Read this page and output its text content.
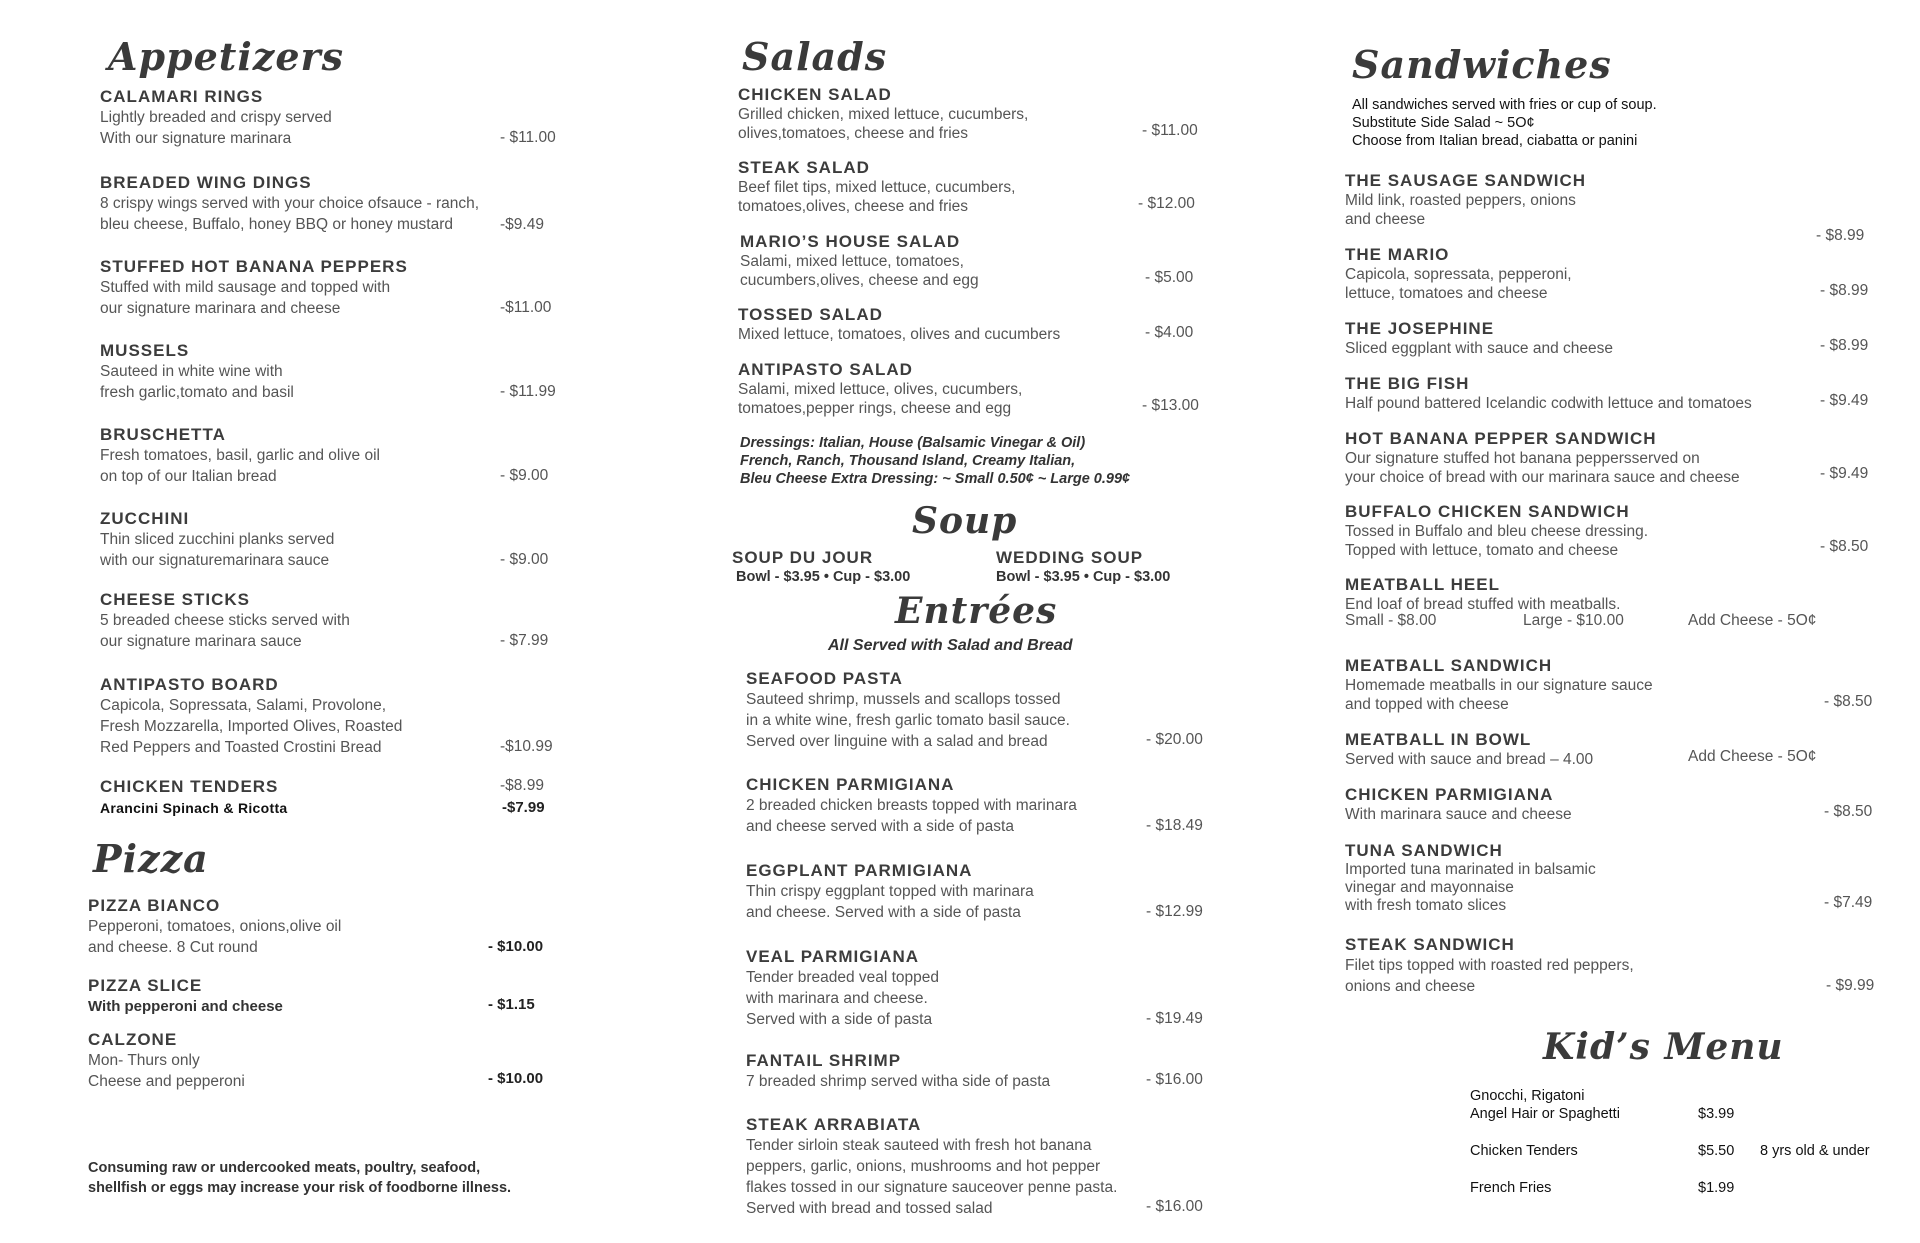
Appetizers
CALAMARI RINGS
Lightly breaded and crispy served
With our signature marinara	- $11.00
BREADED WING DINGS
8 crispy wings served with your choice ofsauce - ranch,
bleu cheese, Buffalo, honey BBQ or honey mustard	-$9.49
STUFFED HOT BANANA PEPPERS
Stuffed with mild sausage and topped with
our signature marinara and cheese	-$11.00
MUSSELS
Sauteed in white wine with
fresh garlic,tomato and basil	- $11.99
BRUSCHETTA
Fresh tomatoes, basil, garlic and olive oil
on top of our Italian bread	- $9.00
ZUCCHINI
Thin sliced zucchini planks served
with our signaturemarinara sauce	- $9.00
CHEESE STICKS
5 breaded cheese sticks served with
our signature marinara sauce	- $7.99
ANTIPASTO BOARD
Capicola, Sopressata, Salami, Provolone,
Fresh Mozzarella, Imported Olives, Roasted
Red Peppers and Toasted Crostini Bread	-$10.99
CHICKEN TENDERS	-$8.99
Arancini Spinach & Ricotta	-$7.99
Pizza
PIZZA BIANCO
Pepperoni, tomatoes, onions,olive oil
and cheese. 8 Cut round	- $10.00
PIZZA SLICE
With pepperoni and cheese	- $1.15
CALZONE
Mon- Thurs only
Cheese and pepperoni	- $10.00
Consuming raw or undercooked meats, poultry, seafood,
shellfish or eggs may increase your risk of foodborne illness.
Salads
CHICKEN SALAD
Grilled chicken, mixed lettuce, cucumbers,
olives,tomatoes, cheese and fries	- $11.00
STEAK SALAD
Beef filet tips, mixed lettuce, cucumbers,
tomatoes,olives, cheese and fries	- $12.00
MARIO’S HOUSE SALAD
Salami, mixed lettuce, tomatoes,
cucumbers,olives, cheese and egg	- $5.00
TOSSED SALAD
Mixed lettuce, tomatoes, olives and cucumbers	- $4.00
ANTIPASTO SALAD
Salami, mixed lettuce, olives, cucumbers,
tomatoes,pepper rings, cheese and egg	- $13.00
Dressings: Italian, House (Balsamic Vinegar & Oil)
French, Ranch, Thousand Island, Creamy Italian,
Bleu Cheese Extra Dressing: ~ Small 0.50¢ ~ Large 0.99¢
Soup
SOUP DU JOUR
Bowl - $3.95 • Cup - $3.00
WEDDING SOUP
Bowl - $3.95 • Cup - $3.00
Entrées
All Served with Salad and Bread
SEAFOOD PASTA
Sauteed shrimp, mussels and scallops tossed
in a white wine, fresh garlic tomato basil sauce.
Served over linguine with a salad and bread	- $20.00
CHICKEN PARMIGIANA
2 breaded chicken breasts topped with marinara
and cheese served with a side of pasta	- $18.49
EGGPLANT PARMIGIANA
Thin crispy eggplant topped with marinara
and cheese. Served with a side of pasta	- $12.99
VEAL PARMIGIANA
Tender breaded veal topped
with marinara and cheese.
Served with a side of pasta	- $19.49
FANTAIL SHRIMP
7 breaded shrimp served witha side of pasta	- $16.00
STEAK ARRABIATA
Tender sirloin steak sauteed with fresh hot banana
peppers, garlic, onions, mushrooms and hot pepper
flakes tossed in our signature sauceover penne pasta.
Served with bread and tossed salad	- $16.00
Sandwiches
All sandwiches served with fries or cup of soup.
Substitute Side Salad ~ 5O¢
Choose from Italian bread, ciabatta or panini
THE SAUSAGE SANDWICH
Mild link, roasted peppers, onions
and cheese
- $8.99
THE MARIO
Capicola, sopressata, pepperoni,
lettuce, tomatoes and cheese	- $8.99
THE JOSEPHINE
Sliced eggplant with sauce and cheese	- $8.99
THE BIG FISH
Half pound battered Icelandic codwith lettuce and tomatoes	- $9.49
HOT BANANA PEPPER SANDWICH
Our signature stuffed hot banana peppersserved on
your choice of bread with our marinara sauce and cheese	- $9.49
BUFFALO CHICKEN SANDWICH
Tossed in Buffalo and bleu cheese dressing.
Topped with lettuce, tomato and cheese	- $8.50
MEATBALL HEEL
End loaf of bread stuffed with meatballs.
Small - $8.00	Large - $10.00	Add Cheese - 5O¢
MEATBALL SANDWICH
Homemade meatballs in our signature sauce
and topped with cheese	- $8.50
MEATBALL IN BOWL
Served with sauce and bread – 4.00	Add Cheese - 5O¢
CHICKEN PARMIGIANA
With marinara sauce and cheese	- $8.50
TUNA SANDWICH
Imported tuna marinated in balsamic
vinegar and mayonnaise
with fresh tomato slices	- $7.49
STEAK SANDWICH
Filet tips topped with roasted red peppers,
onions and cheese	- $9.99
Kid’s Menu
Gnocchi, Rigatoni
Angel Hair or Spaghetti	$3.99
Chicken Tenders	$5.50 8 yrs old & under
French Fries	$1.99
